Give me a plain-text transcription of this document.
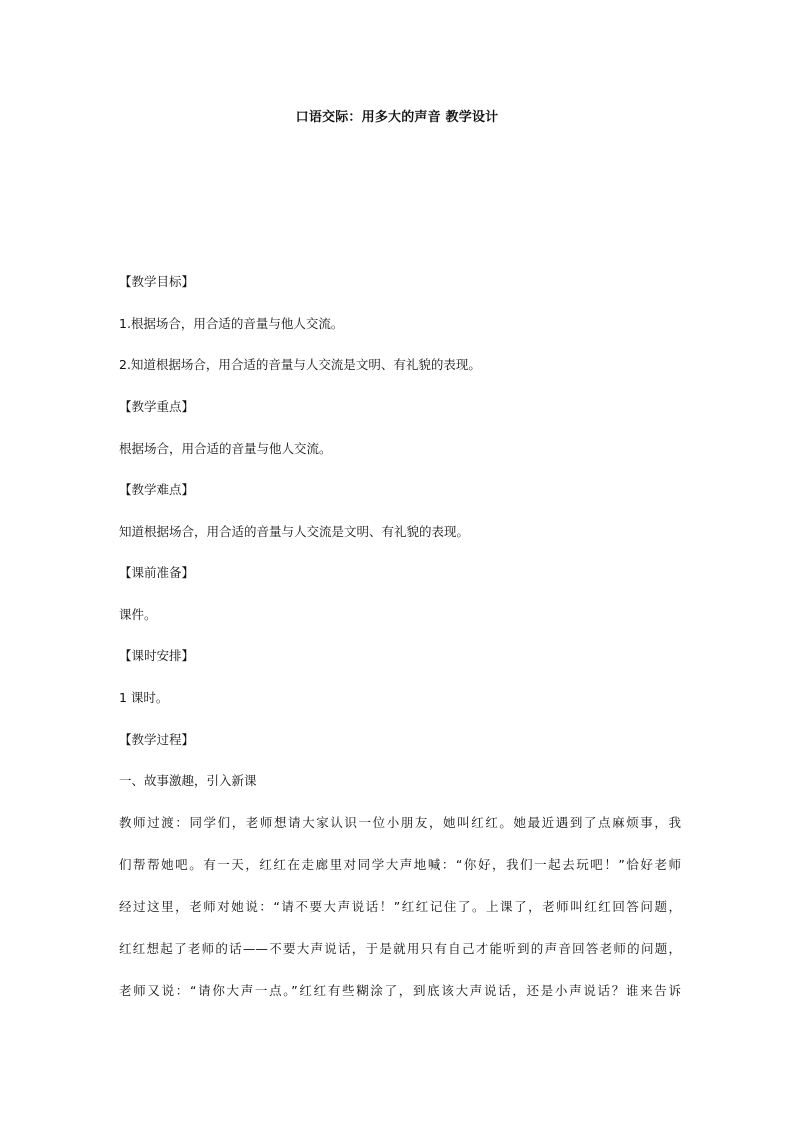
口语交际：用多大的声音 教学设计
【教学目标】
1.根据场合，用合适的音量与他人交流。
2.知道根据场合，用合适的音量与人交流是文明、有礼貌的表现。
【教学重点】
根据场合，用合适的音量与他人交流。
【教学难点】
知道根据场合，用合适的音量与人交流是文明、有礼貌的表现。
【课前准备】
课件。
【课时安排】
1 课时。
【教学过程】
一、故事激趣，引入新课
教师过渡：同学们，老师想请大家认识一位小朋友，她叫红红。她最近遇到了点麻烦事，我
们帮帮她吧。有一天，红红在走廊里对同学大声地喊：“你好，我们一起去玩吧！”恰好老师
经过这里，老师对她说：“请不要大声说话！”红红记住了。上课了，老师叫红红回答问题，
红红想起了老师的话——不要大声说话，于是就用只有自己才能听到的声音回答老师的问题，
老师又说：“请你大声一点。”红红有些糊涂了，到底该大声说话，还是小声说话？谁来告诉
